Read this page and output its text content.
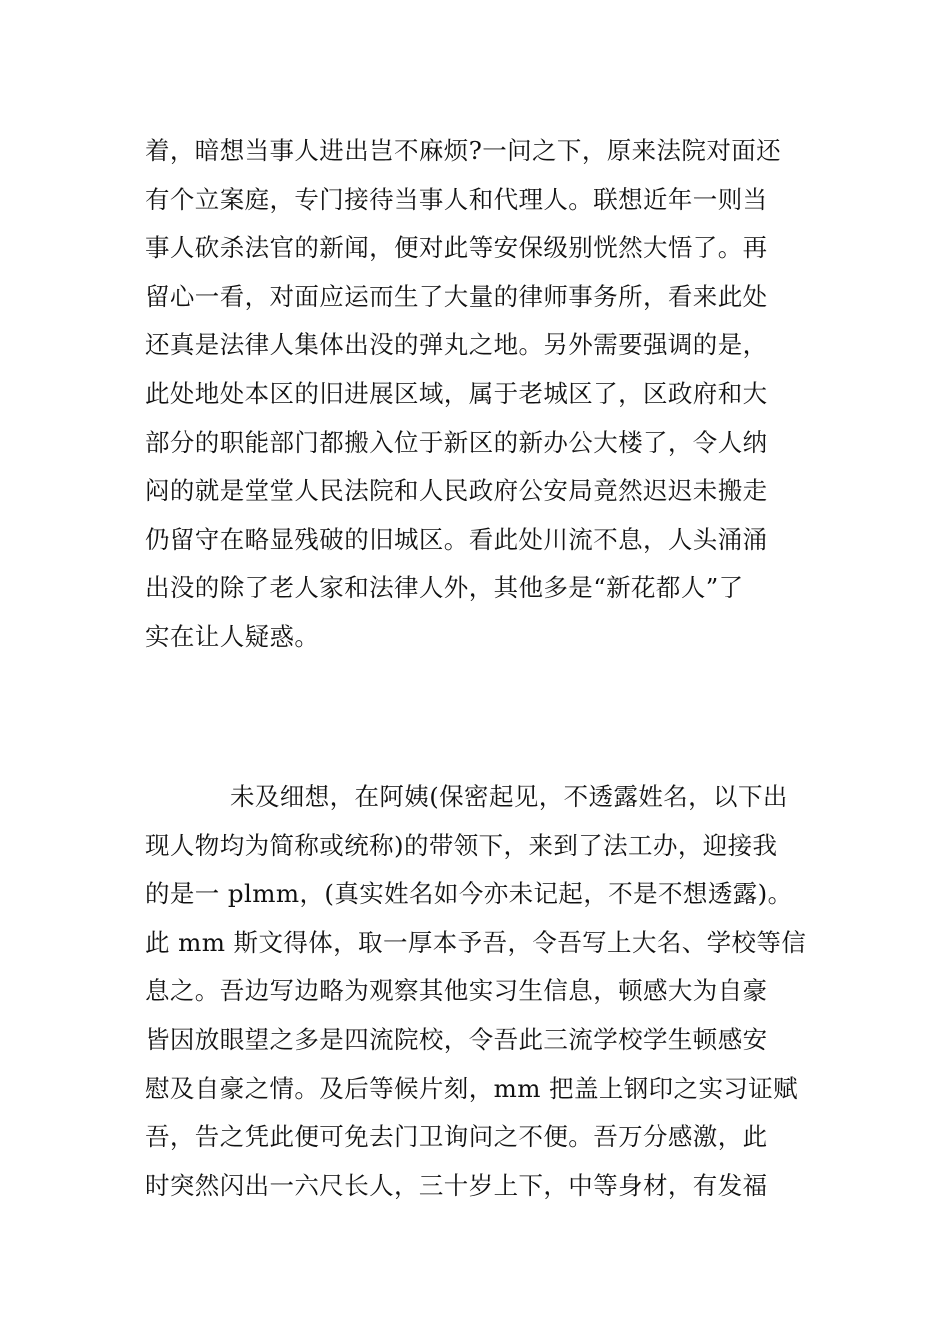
着，暗想当事人进出岂不麻烦?一问之下，原来法院对面还
有个立案庭，专门接待当事人和代理人。联想近年一则当
事人砍杀法官的新闻，便对此等安保级别恍然大悟了。再
留心一看，对面应运而生了大量的律师事务所，看来此处
还真是法律人集体出没的弹丸之地。另外需要强调的是，
此处地处本区的旧进展区域，属于老城区了，区政府和大
部分的职能部门都搬入位于新区的新办公大楼了，令人纳
闷的就是堂堂人民法院和人民政府公安局竟然迟迟未搬走
仍留守在略显残破的旧城区。看此处川流不息，人头涌涌
出没的除了老人家和法律人外，其他多是“新花都人”了
实在让人疑惑。
未及细想，在阿姨(保密起见，不透露姓名，以下出
现人物均为简称或统称)的带领下，来到了法工办，迎接我
的是一 plmm，(真实姓名如今亦未记起，不是不想透露)。
此 mm 斯文得体，取一厚本予吾，令吾写上大名、学校等信
息之。吾边写边略为观察其他实习生信息，顿感大为自豪
皆因放眼望之多是四流院校，令吾此三流学校学生顿感安
慰及自豪之情。及后等候片刻，mm 把盖上钢印之实习证赋
吾，告之凭此便可免去门卫询问之不便。吾万分感激，此
时突然闪出一六尺长人，三十岁上下，中等身材，有发福
